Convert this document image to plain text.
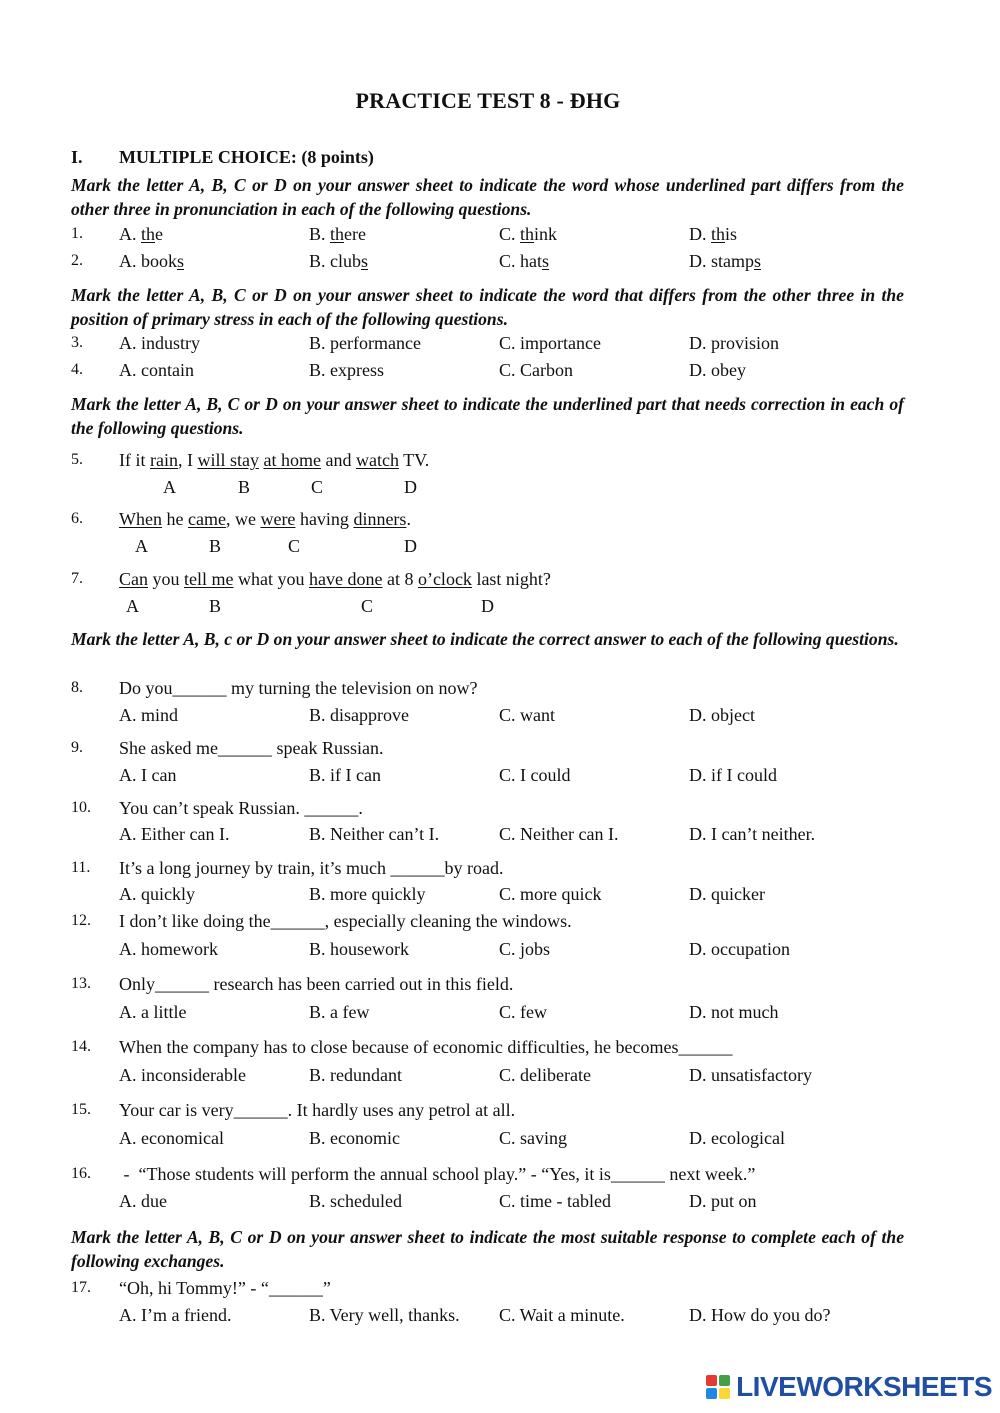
PRACTICE TEST 8 - ĐHG
I. MULTIPLE CHOICE: (8 points)
Mark the letter A, B, C or D on your answer sheet to indicate the word whose underlined part differs from the other three in pronunciation in each of the following questions.
1. A. the	B. there	C. think	D. this
2. A. books	B. clubs	C. hats	D. stamps
Mark the letter A, B, C or D on your answer sheet to indicate the word that differs from the other three in the position of primary stress in each of the following questions.
3. A. industry	B. performance	C. importance	D. provision
4. A. contain	B. express	C. Carbon	D. obey
Mark the letter A, B, C or D on your answer sheet to indicate the underlined part that needs correction in each of the following questions.
5. If it rain, I will stay at home and watch TV.
A	B	C	D
6. When he came, we were having dinners.
A	B	C	D
7. Can you tell me what you have done at 8 o’clock last night?
A	B	C	D
Mark the letter A, B, c or D on your answer sheet to indicate the correct answer to each of the following questions.
8. Do you______ my turning the television on now?
A. mind	B. disapprove	C. want	D. object
9. She asked me______ speak Russian.
A. I can	B. if I can	C. I could	D. if I could
10. You can’t speak Russian. ______.
A. Either can I.	B. Neither can’t I.	C. Neither can I.	D. I can’t neither.
11. It’s a long journey by train, it’s much ______by road.
A. quickly	B. more quickly	C. more quick	D. quicker
12. I don’t like doing the______, especially cleaning the windows.
A. homework	B. housework	C. jobs	D. occupation
13. Only______ research has been carried out in this field.
A. a little	B. a few	C. few	D. not much
14. When the company has to close because of economic difficulties, he becomes______
A. inconsiderable	B. redundant	C. deliberate	D. unsatisfactory
15. Your car is very______. It hardly uses any petrol at all.
A. economical	B. economic	C. saving	D. ecological
16. -  “Those students will perform the annual school play.” - “Yes, it is______ next week.”
A. due	B. scheduled	C. time - tabled	D. put on
Mark the letter A, B, C or D on your answer sheet to indicate the most suitable response to complete each of the following exchanges.
17. “Oh, hi Tommy!” - “______”
A. I’m a friend.	B. Very well, thanks. C. Wait a minute.	D. How do you do?
LIVEWORKSHEETS
